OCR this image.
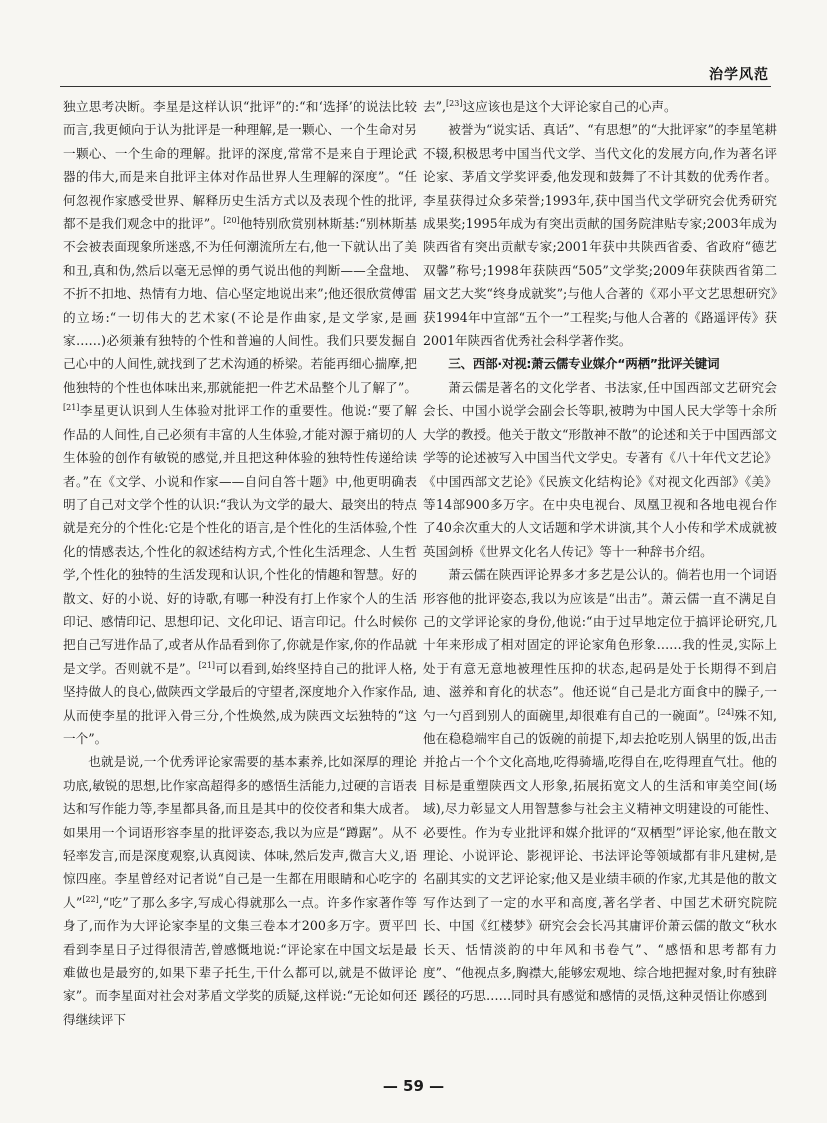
治学风范

独立思考决断。李星是这样认识“批评”的:“和‘选择’的说法比较而言,我更倾向于认为批评是一种理解,是一颗心、一个生命对另一颗心、一个生命的理解。批评的深度,常常不是来自于理论武器的伟大,而是来自批评主体对作品世界人生理解的深度”。“任何忽视作家感受世界、解释历史生活方式以及表现个性的批评,都不是我们观念中的批评”。[20]他特别欣赏别林斯基:“别林斯基不会被表面现象所迷惑,不为任何潮流所左右,他一下就认出了美和丑,真和伪,然后以毫无忌惮的勇气说出他的判断——全盘地、不折不扣地、热情有力地、信心坚定地说出来”;他还很欣赏傅雷的立场:“一切伟大的艺术家(不论是作曲家,是文学家,是画家……)必须兼有独特的个性和普遍的人间性。我们只要发掘自己心中的人间性,就找到了艺术沟通的桥梁。若能再细心揣摩,把他独特的个性也体味出来,那就能把一件艺术品整个儿了解了”。[21]李星更认识到人生体验对批评工作的重要性。他说:“要了解作品的人间性,自己必须有丰富的人生体验,才能对源于痛切的人生体验的创作有敏锐的感觉,并且把这种体验的独特性传递给读者。”在《文学、小说和作家——自问自答十题》中,他更明确表明了自己对文学个性的认识:“我认为文学的最大、最突出的特点就是充分的个性化:它是个性化的语言,是个性化的生活体验,个性化的情感表达,个性化的叙述结构方式,个性化生活理念、人生哲学,个性化的独特的生活发现和认识,个性化的情趣和智慧。好的散文、好的小说、好的诗歌,有哪一种没有打上作家个人的生活印记、感情印记、思想印记、文化印记、语言印记。什么时候你把自己写进作品了,或者从作品看到你了,你就是作家,你的作品就是文学。否则就不是”。[21]可以看到,始终坚持自己的批评人格,坚持做人的良心,做陕西文学最后的守望者,深度地介入作家作品,从而使李星的批评入骨三分,个性焕然,成为陕西文坛独特的“这一个”。

也就是说,一个优秀评论家需要的基本素养,比如深厚的理论功底,敏锐的思想,比作家高超得多的感悟生活能力,过硬的言语表达和写作能力等,李星都具备,而且是其中的佼佼者和集大成者。如果用一个词语形容李星的批评姿态,我以为应是“蹲踞”。从不轻率发言,而是深度观察,认真阅读、体味,然后发声,微言大义,语惊四座。李星曾经对记者说“自己是一生都在用眼睛和心吃字的人”[22],“吃”了那么多字,写成心得就那么一点。许多作家著作等身了,而作为大评论家李星的文集三卷本才200多万字。贾平凹看到李星日子过得很清苦,曾感慨地说:“评论家在中国文坛是最难做也是最穷的,如果下辈子托生,干什么都可以,就是不做评论家”。而李星面对社会对茅盾文学奖的质疑,这样说:“无论如何还得继续评下

去”,[23]这应该也是这个大评论家自己的心声。

被誉为“说实话、真话”、“有思想”的“大批评家”的李星笔耕不辍,积极思考中国当代文学、当代文化的发展方向,作为著名评论家、茅盾文学奖评委,他发现和鼓舞了不计其数的优秀作者。李星获得过众多荣誉;1993年,获中国当代文学研究会优秀研究成果奖;1995年成为有突出贡献的国务院津贴专家;2003年成为陕西省有突出贡献专家;2001年获中共陕西省委、省政府“德艺双馨”称号;1998年获陕西“505”文学奖;2009年获陕西省第二届文艺大奖“终身成就奖”;与他人合著的《邓小平文艺思想研究》获1994年中宣部“五个一”工程奖;与他人合著的《路遥评传》获2001年陕西省优秀社会科学著作奖。

三、西部·对视:萧云儒专业媒介“两栖”批评关键词

萧云儒是著名的文化学者、书法家,任中国西部文艺研究会会长、中国小说学会副会长等职,被聘为中国人民大学等十余所大学的教授。他关于散文“形散神不散”的论述和关于中国西部文学等的论述被写入中国当代文学史。专著有《八十年代文艺论》《中国西部文艺论》《民族文化结构论》《对视文化西部》《美》等14部900多万字。在中央电视台、凤凰卫视和各地电视台作了40余次重大的人文话题和学术讲演,其个人小传和学术成就被英国剑桥《世界文化名人传记》等十一种辞书介绍。

萧云儒在陕西评论界多才多艺是公认的。倘若也用一个词语形容他的批评姿态,我以为应该是“出击”。萧云儒一直不满足自己的文学评论家的身份,他说:“由于过早地定位于搞评论研究,几十年来形成了相对固定的评论家角色形象……我的性灵,实际上处于有意无意地被理性压抑的状态,起码是处于长期得不到启迪、滋养和育化的状态”。他还说“自己是北方面食中的臊子,一勺一勺舀到别人的面碗里,却很难有自己的一碗面”。[24]殊不知,他在稳稳端牢自己的饭碗的前提下,却去抢吃别人锅里的饭,出击并抢占一个个文化高地,吃得骑墙,吃得自在,吃得理直气壮。他的目标是重塑陕西文人形象,拓展拓宽文人的生活和审美空间(场域),尽力彰显文人用智慧参与社会主义精神文明建设的可能性、必要性。作为专业批评和媒介批评的“双栖型”评论家,他在散文理论、小说评论、影视评论、书法评论等领域都有非凡建树,是名副其实的文艺评论家;他又是业绩丰硕的作家,尤其是他的散文写作达到了一定的水平和高度,著名学者、中国艺术研究院院长、中国《红楼梦》研究会会长冯其庸评价萧云儒的散文“秋水长天、恬情淡韵的中年风和书卷气”、“感悟和思考都有力度”、“他视点多,胸襟大,能够宏观地、综合地把握对象,时有独辟蹊径的巧思……同时具有感觉和感情的灵悟,这种灵悟让你感到

— 59 —
